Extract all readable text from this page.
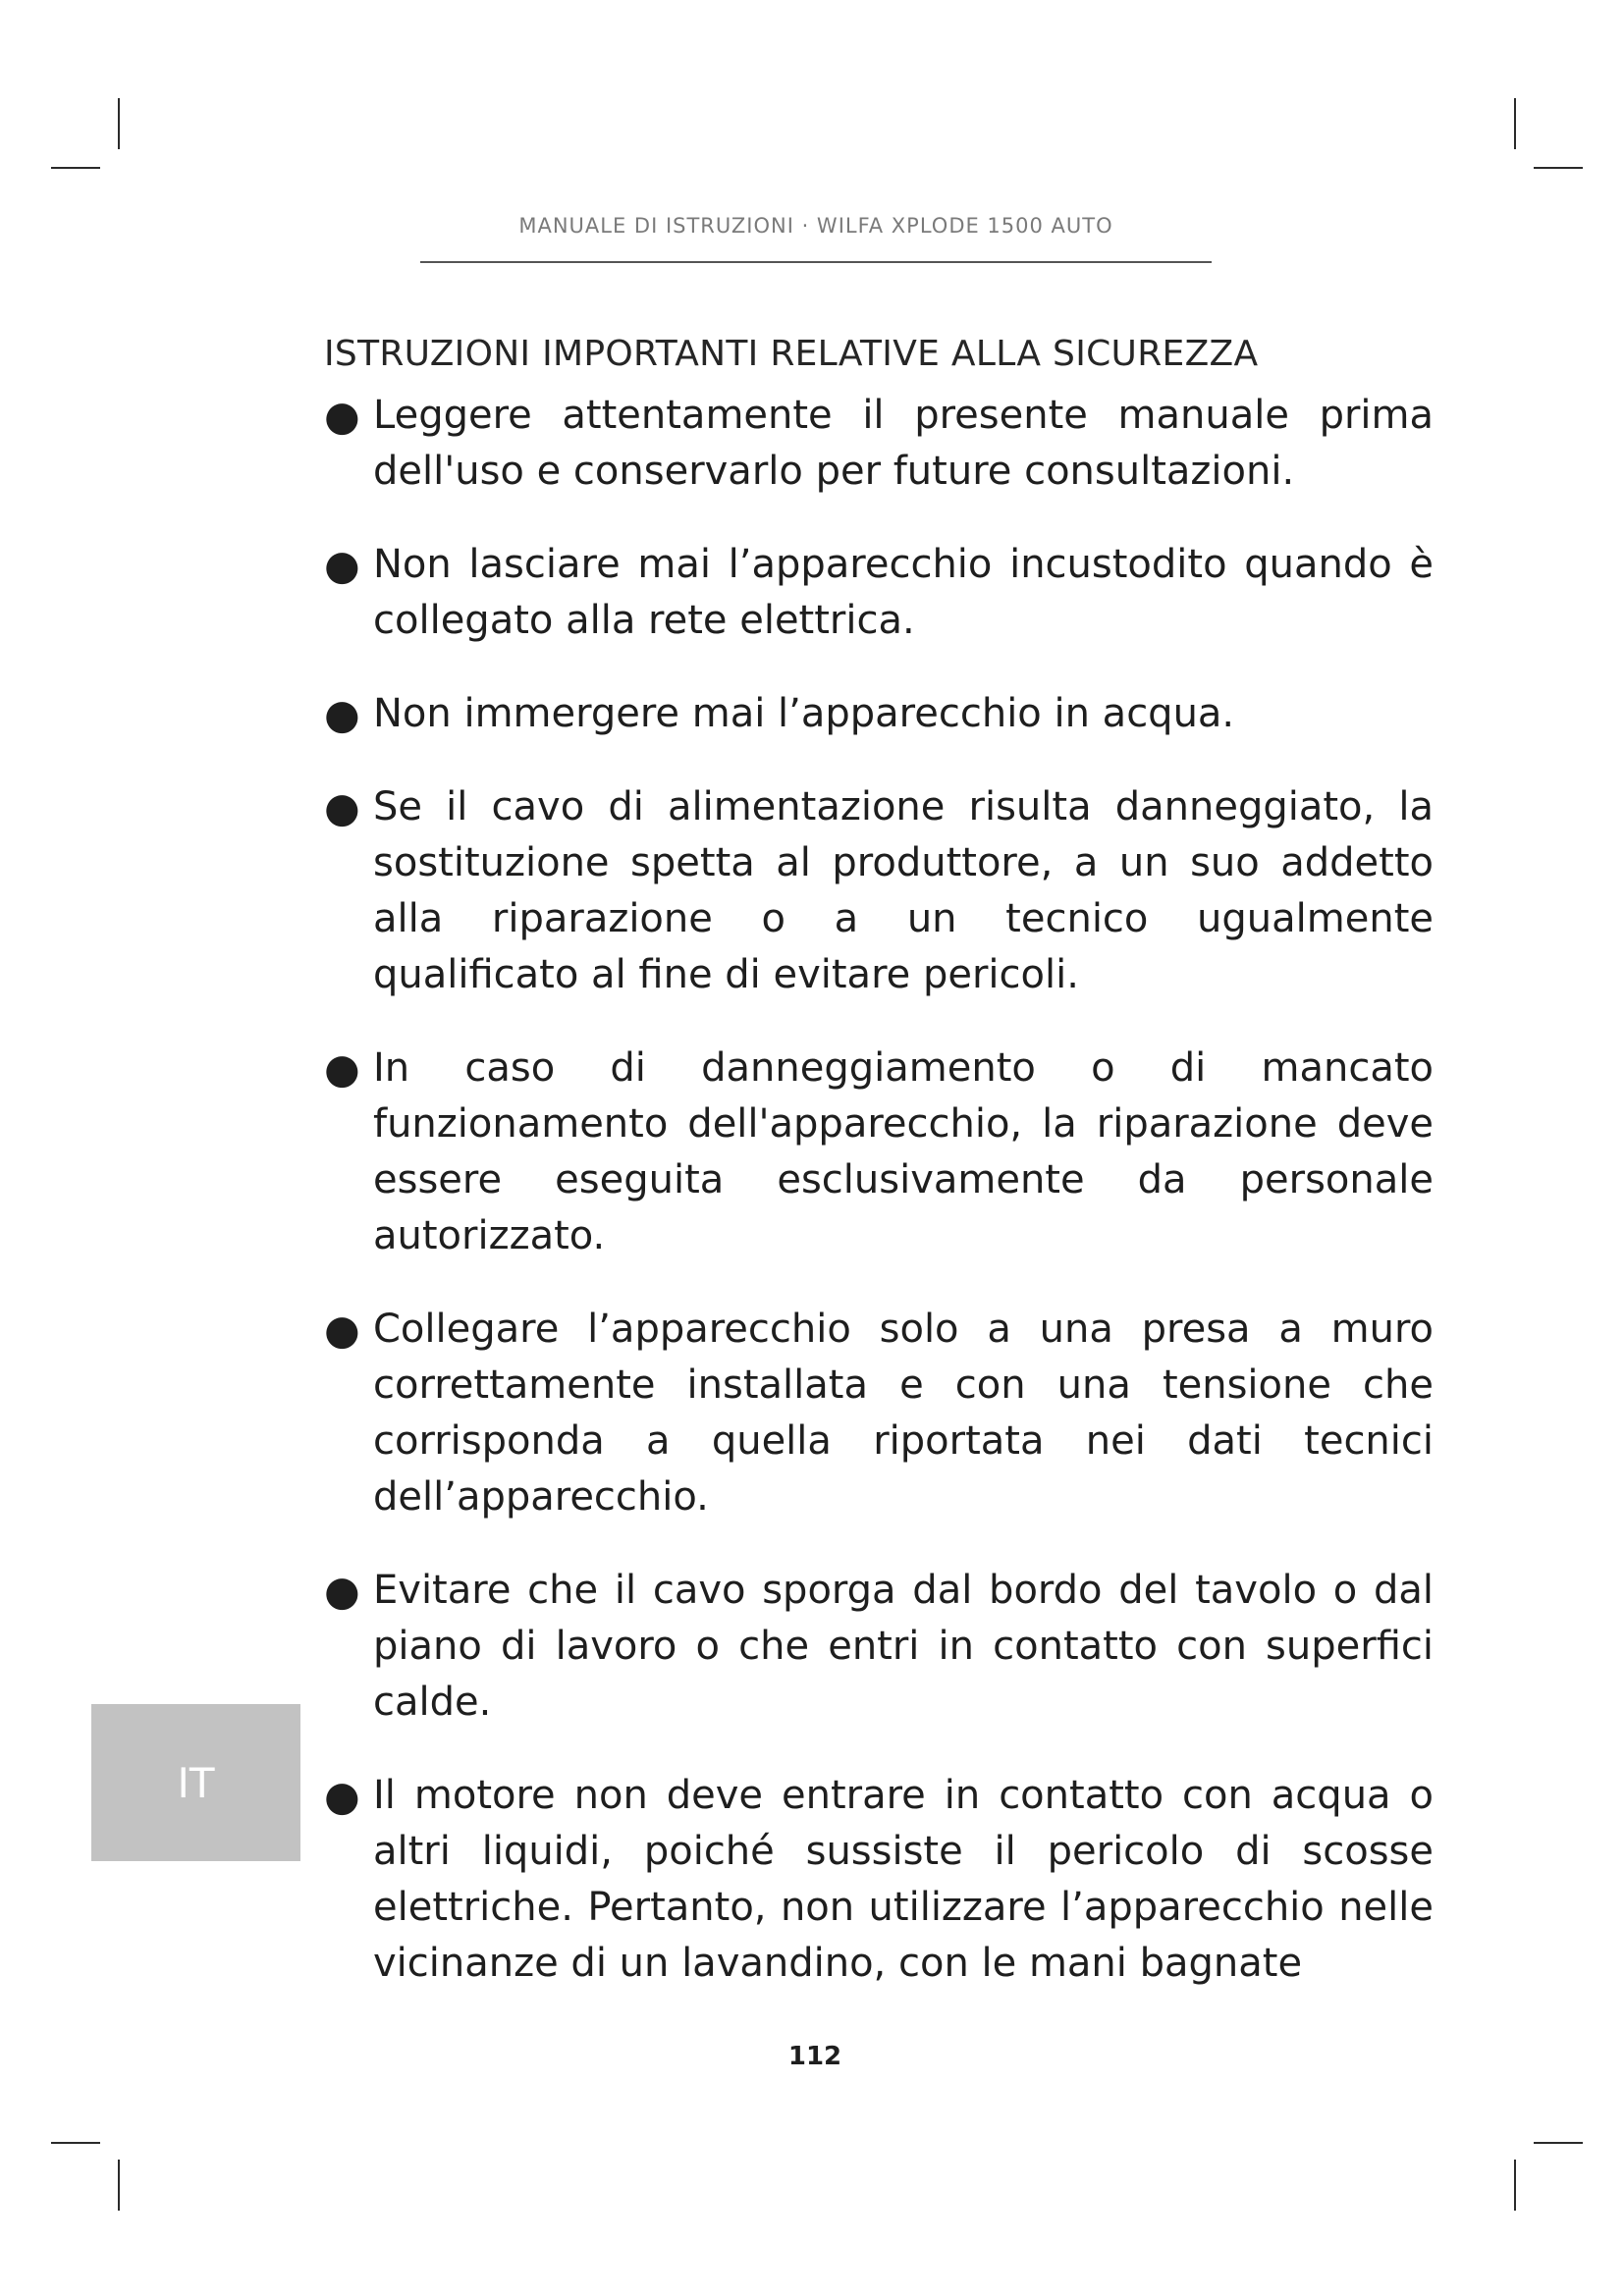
MANUALE DI ISTRUZIONI · WILFA XPLODE 1500 AUTO
ISTRUZIONI IMPORTANTI RELATIVE ALLA SICUREZZA
● Leggere attentamente il presente manuale prima dell'uso e conservarlo per future consultazioni.
● Non lasciare mai l’apparecchio incustodito quando è collegato alla rete elettrica.
● Non immergere mai l’apparecchio in acqua.
● Se il cavo di alimentazione risulta danneggiato, la sostituzione spetta al produttore, a un suo addetto alla riparazione o a un tecnico ugualmente qualificato al fine di evitare pericoli.
● In caso di danneggiamento o di mancato funzionamento dell'apparecchio, la riparazione deve essere eseguita esclusivamente da personale autorizzato.
● Collegare l’apparecchio solo a una presa a muro correttamente installata e con una tensione che corrisponda a quella riportata nei dati tecnici dell’apparecchio.
● Evitare che il cavo sporga dal bordo del tavolo o dal piano di lavoro o che entri in contatto con superfici calde.
● Il motore non deve entrare in contatto con acqua o altri liquidi, poiché sussiste il pericolo di scosse elettriche. Pertanto, non utilizzare l’apparecchio nelle vicinanze di un lavandino, con le mani bagnate
IT
112
